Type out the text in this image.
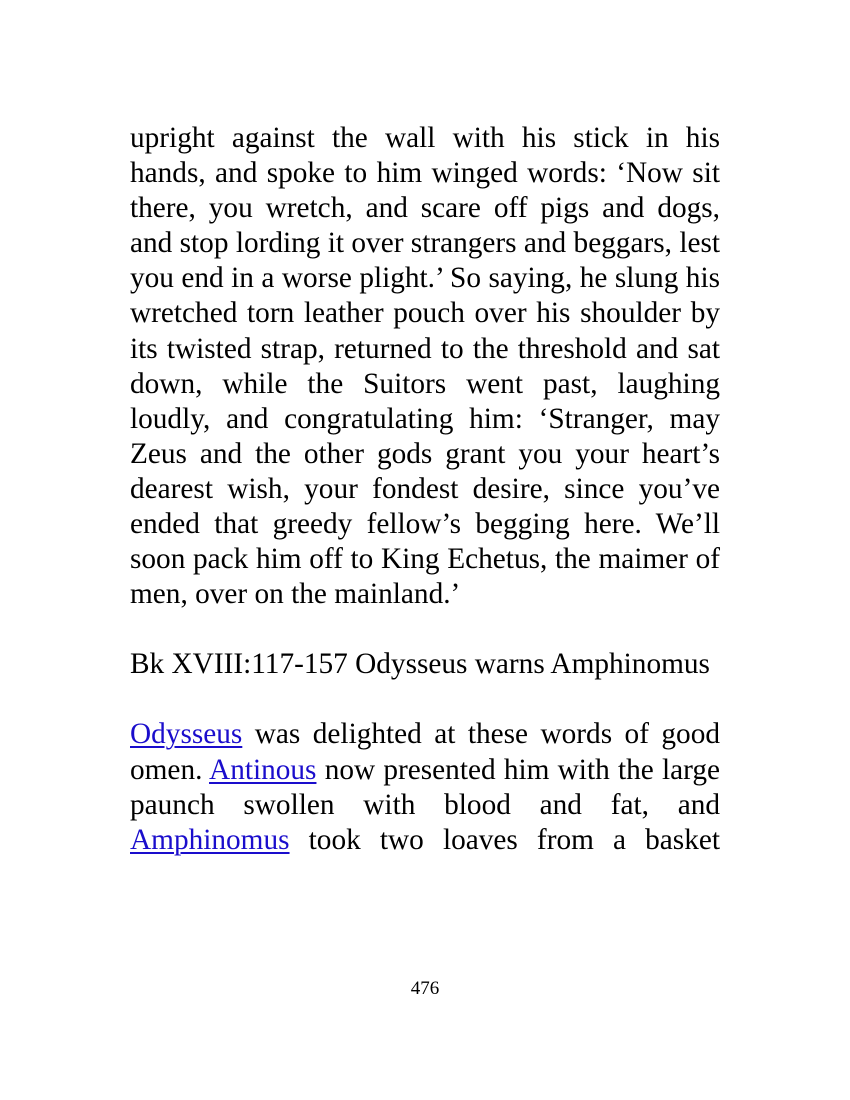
upright against the wall with his stick in his hands, and spoke to him winged words: ‘Now sit there, you wretch, and scare off pigs and dogs, and stop lording it over strangers and beggars, lest you end in a worse plight.’ So saying, he slung his wretched torn leather pouch over his shoulder by its twisted strap, returned to the threshold and sat down, while the Suitors went past, laughing loudly, and congratulating him: ‘Stranger, may Zeus and the other gods grant you your heart’s dearest wish, your fondest desire, since you’ve ended that greedy fellow’s begging here. We’ll soon pack him off to King Echetus, the maimer of men, over on the mainland.’

Bk XVIII:117-157 Odysseus warns Amphinomus

Odysseus was delighted at these words of good omen. Antinous now presented him with the large paunch swollen with blood and fat, and Amphinomus took two loaves from a basket

476
